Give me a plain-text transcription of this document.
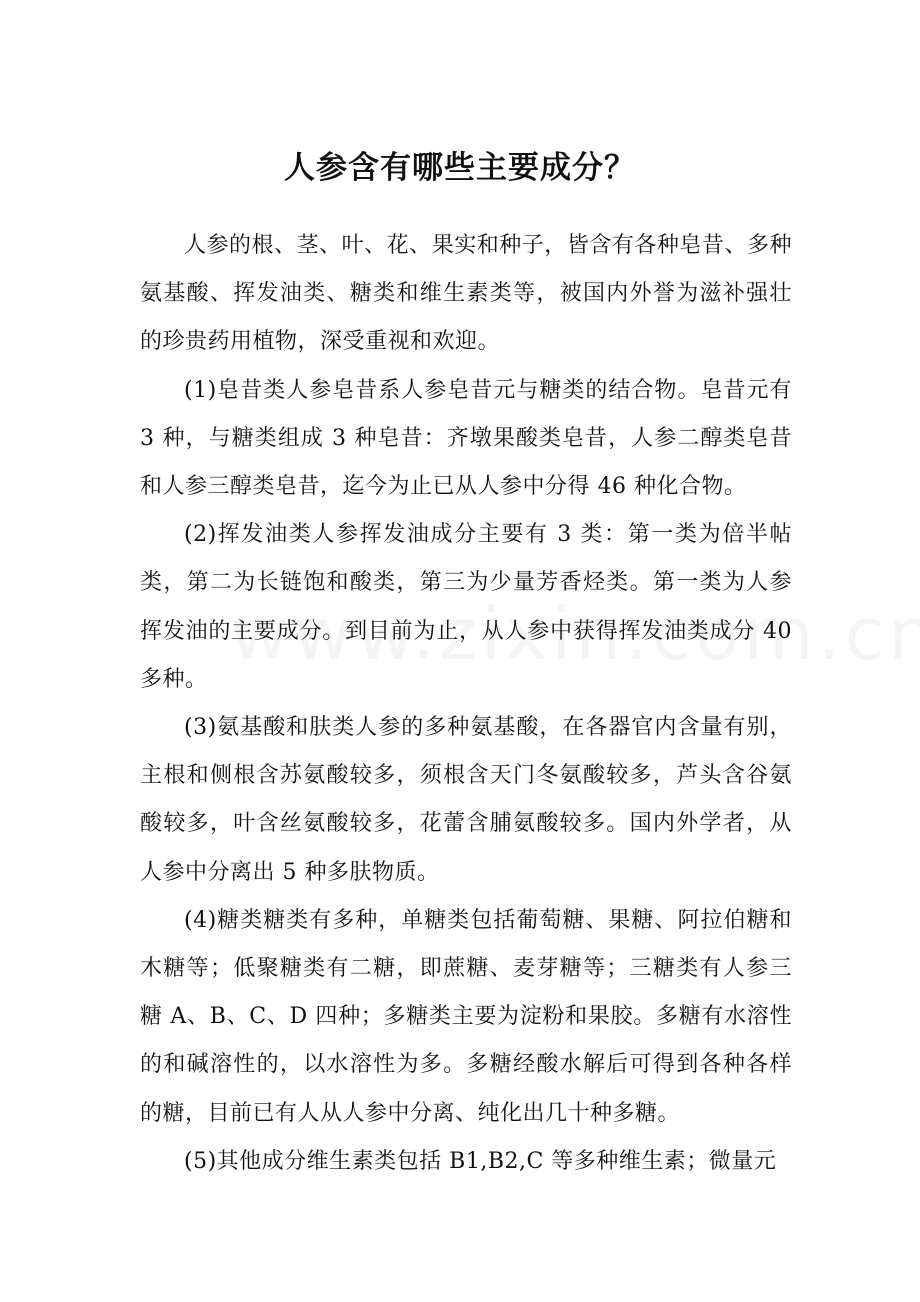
人参含有哪些主要成分？

人参的根、茎、叶、花、果实和种子，皆含有各种皂昔、多种氨基酸、挥发油类、糖类和维生素类等，被国内外誉为滋补强壮的珍贵药用植物，深受重视和欢迎。

(1)皂昔类人参皂昔系人参皂昔元与糖类的结合物。皂昔元有 3 种，与糖类组成 3 种皂昔：齐墩果酸类皂昔，人参二醇类皂昔和人参三醇类皂昔，迄今为止已从人参中分得 46 种化合物。

(2)挥发油类人参挥发油成分主要有 3 类：第一类为倍半帖类，第二为长链饱和酸类，第三为少量芳香烃类。第一类为人参挥发油的主要成分。到目前为止，从人参中获得挥发油类成分 40 多种。

(3)氨基酸和肤类人参的多种氨基酸，在各器官内含量有别，主根和侧根含苏氨酸较多，须根含天门冬氨酸较多，芦头含谷氨酸较多，叶含丝氨酸较多，花蕾含脯氨酸较多。国内外学者，从人参中分离出 5 种多肤物质。

(4)糖类糖类有多种，单糖类包括葡萄糖、果糖、阿拉伯糖和木糖等；低聚糖类有二糖，即蔗糖、麦芽糖等；三糖类有人参三糖 A、B、C、D 四种；多糖类主要为淀粉和果胶。多糖有水溶性的和碱溶性的，以水溶性为多。多糖经酸水解后可得到各种各样的糖，目前已有人从人参中分离、纯化出几十种多糖。

(5)其他成分维生素类包括 B1,B2,C 等多种维生素；微量元
